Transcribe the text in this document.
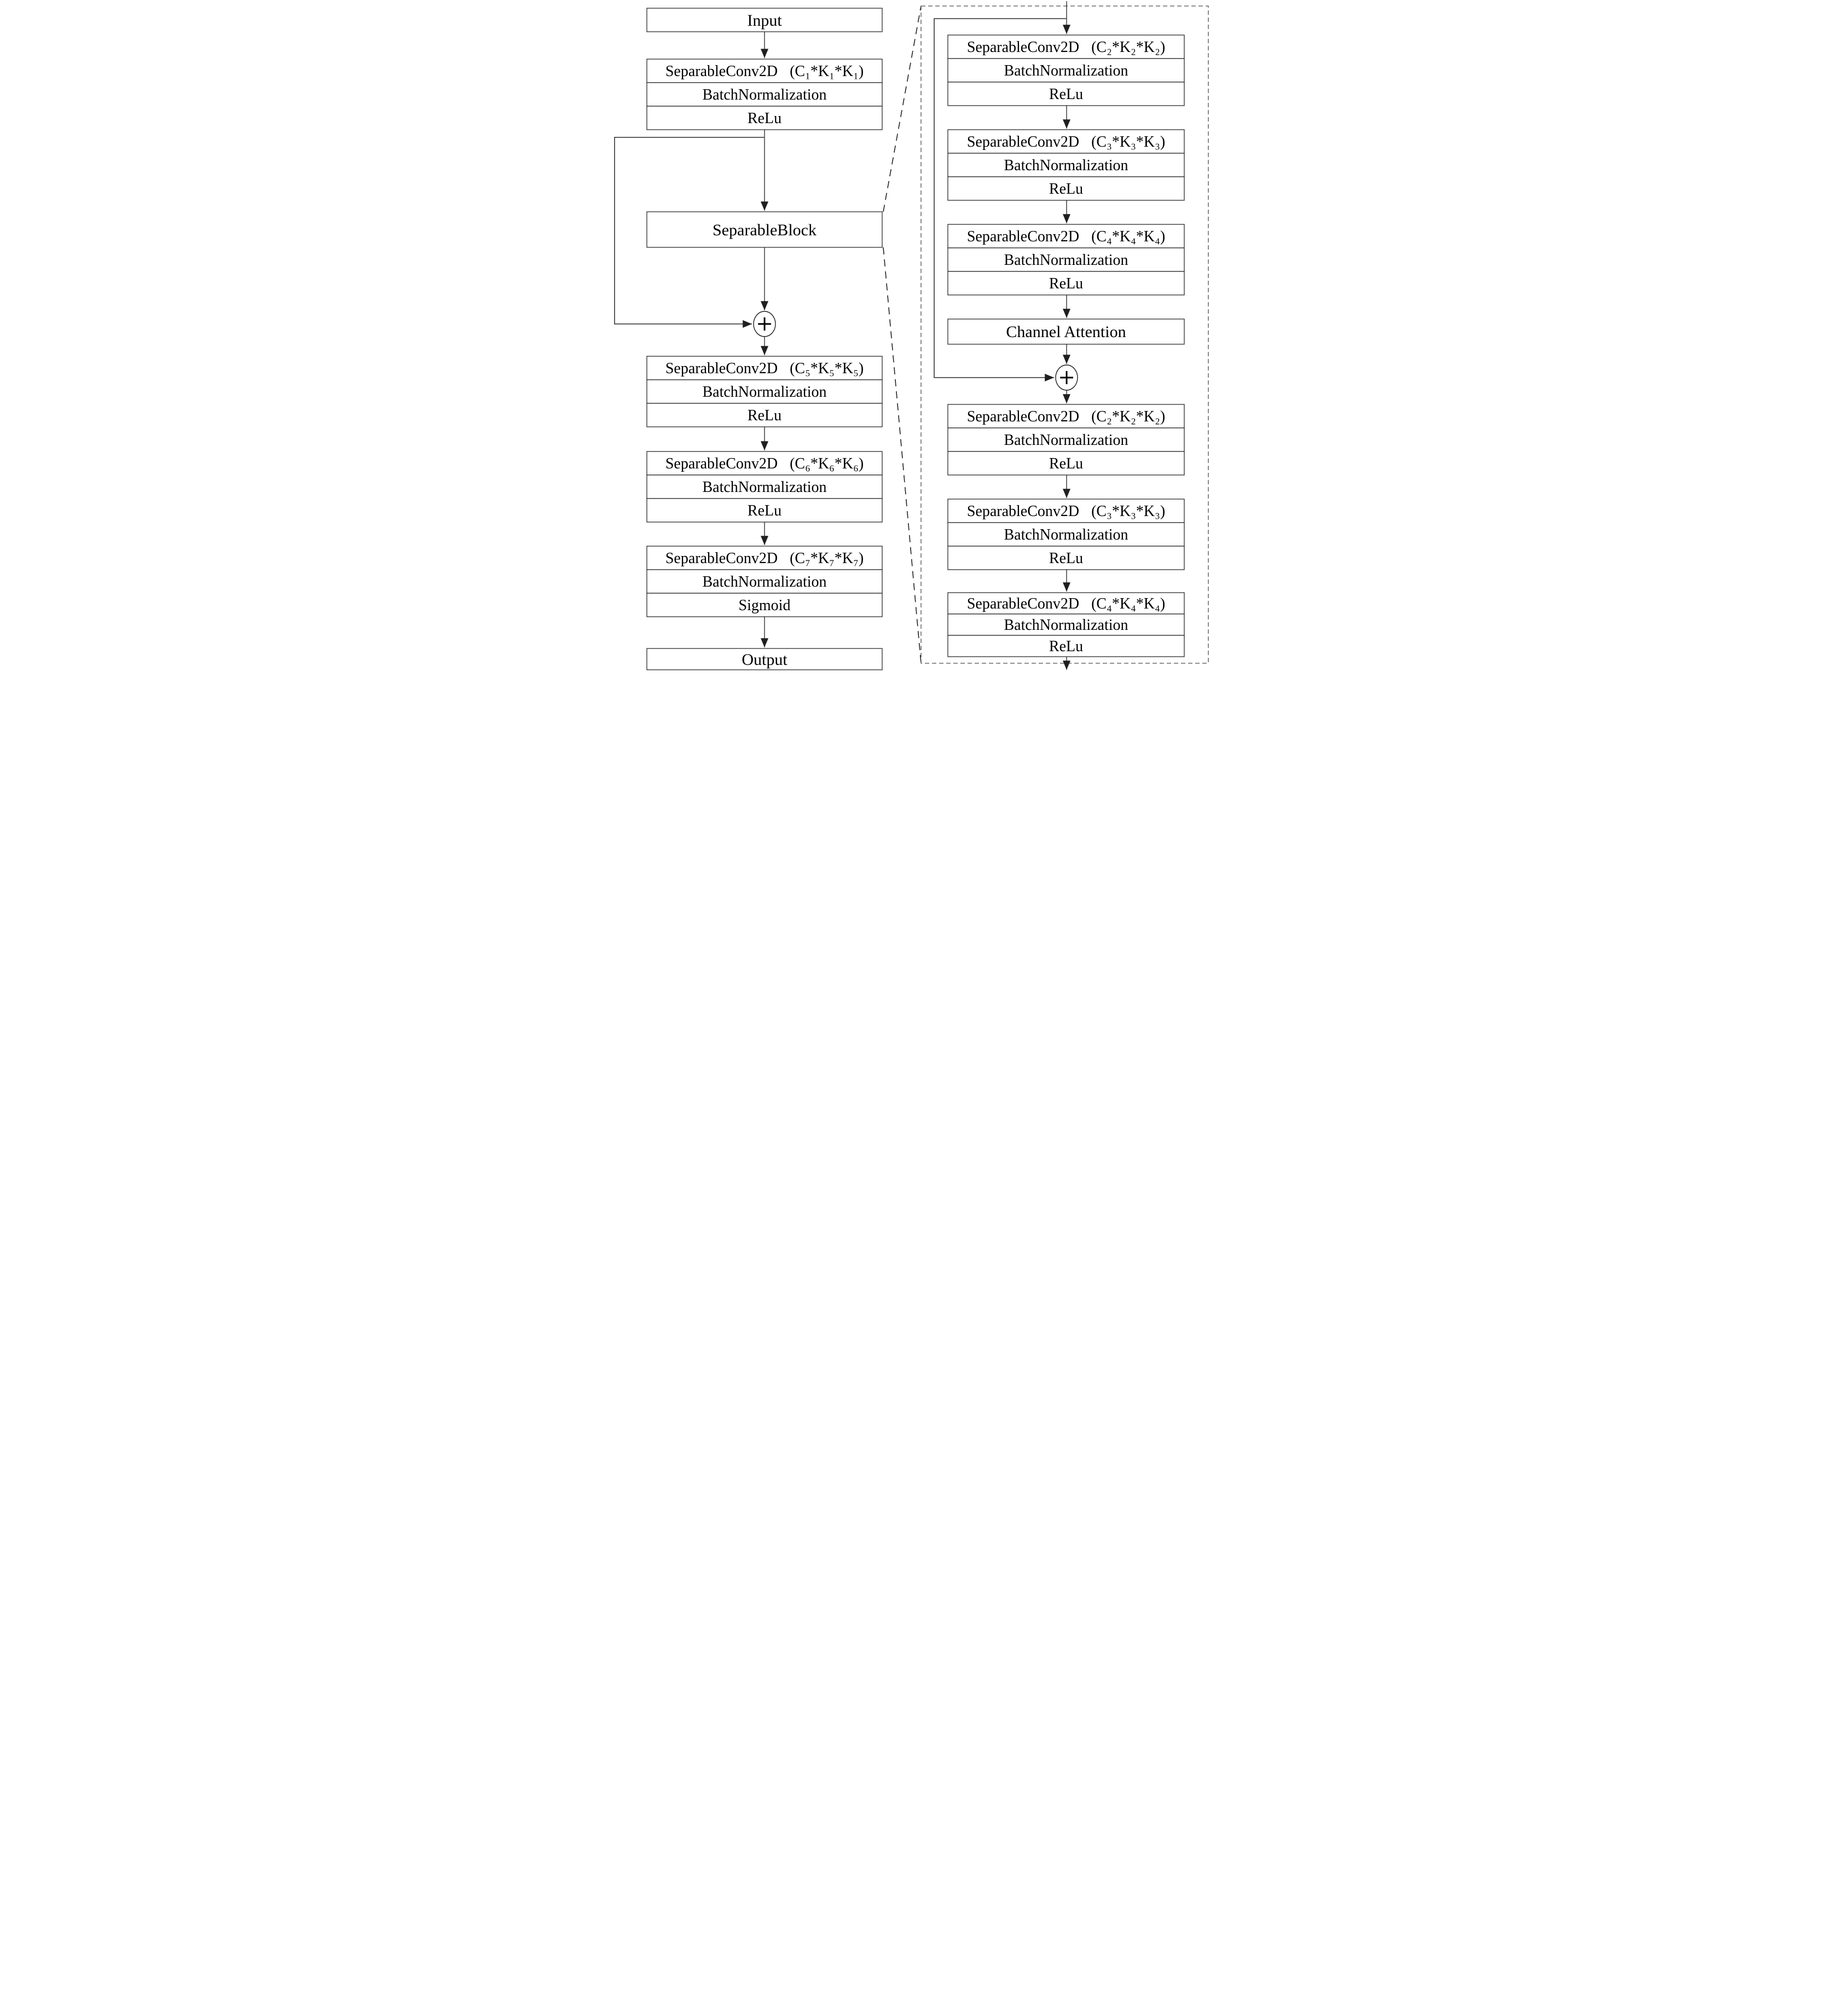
Input
SeparableConv2D (C₁*K₁*K₁)
BatchNormalization
ReLu
SeparableBlock
+
SeparableConv2D (C₅*K₅*K₅)
BatchNormalization
ReLu
SeparableConv2D (C₆*K₆*K₆)
BatchNormalization
ReLu
SeparableConv2D (C₇*K₇*K₇)
BatchNormalization
Sigmoid
Output
SeparableConv2D (C₂*K₂*K₂)
BatchNormalization
ReLu
SeparableConv2D (C₃*K₃*K₃)
BatchNormalization
ReLu
SeparableConv2D (C₄*K₄*K₄)
BatchNormalization
ReLu
Channel Attention
+
SeparableConv2D (C₂*K₂*K₂)
BatchNormalization
ReLu
SeparableConv2D (C₃*K₃*K₃)
BatchNormalization
ReLu
SeparableConv2D (C₄*K₄*K₄)
BatchNormalization
ReLu
